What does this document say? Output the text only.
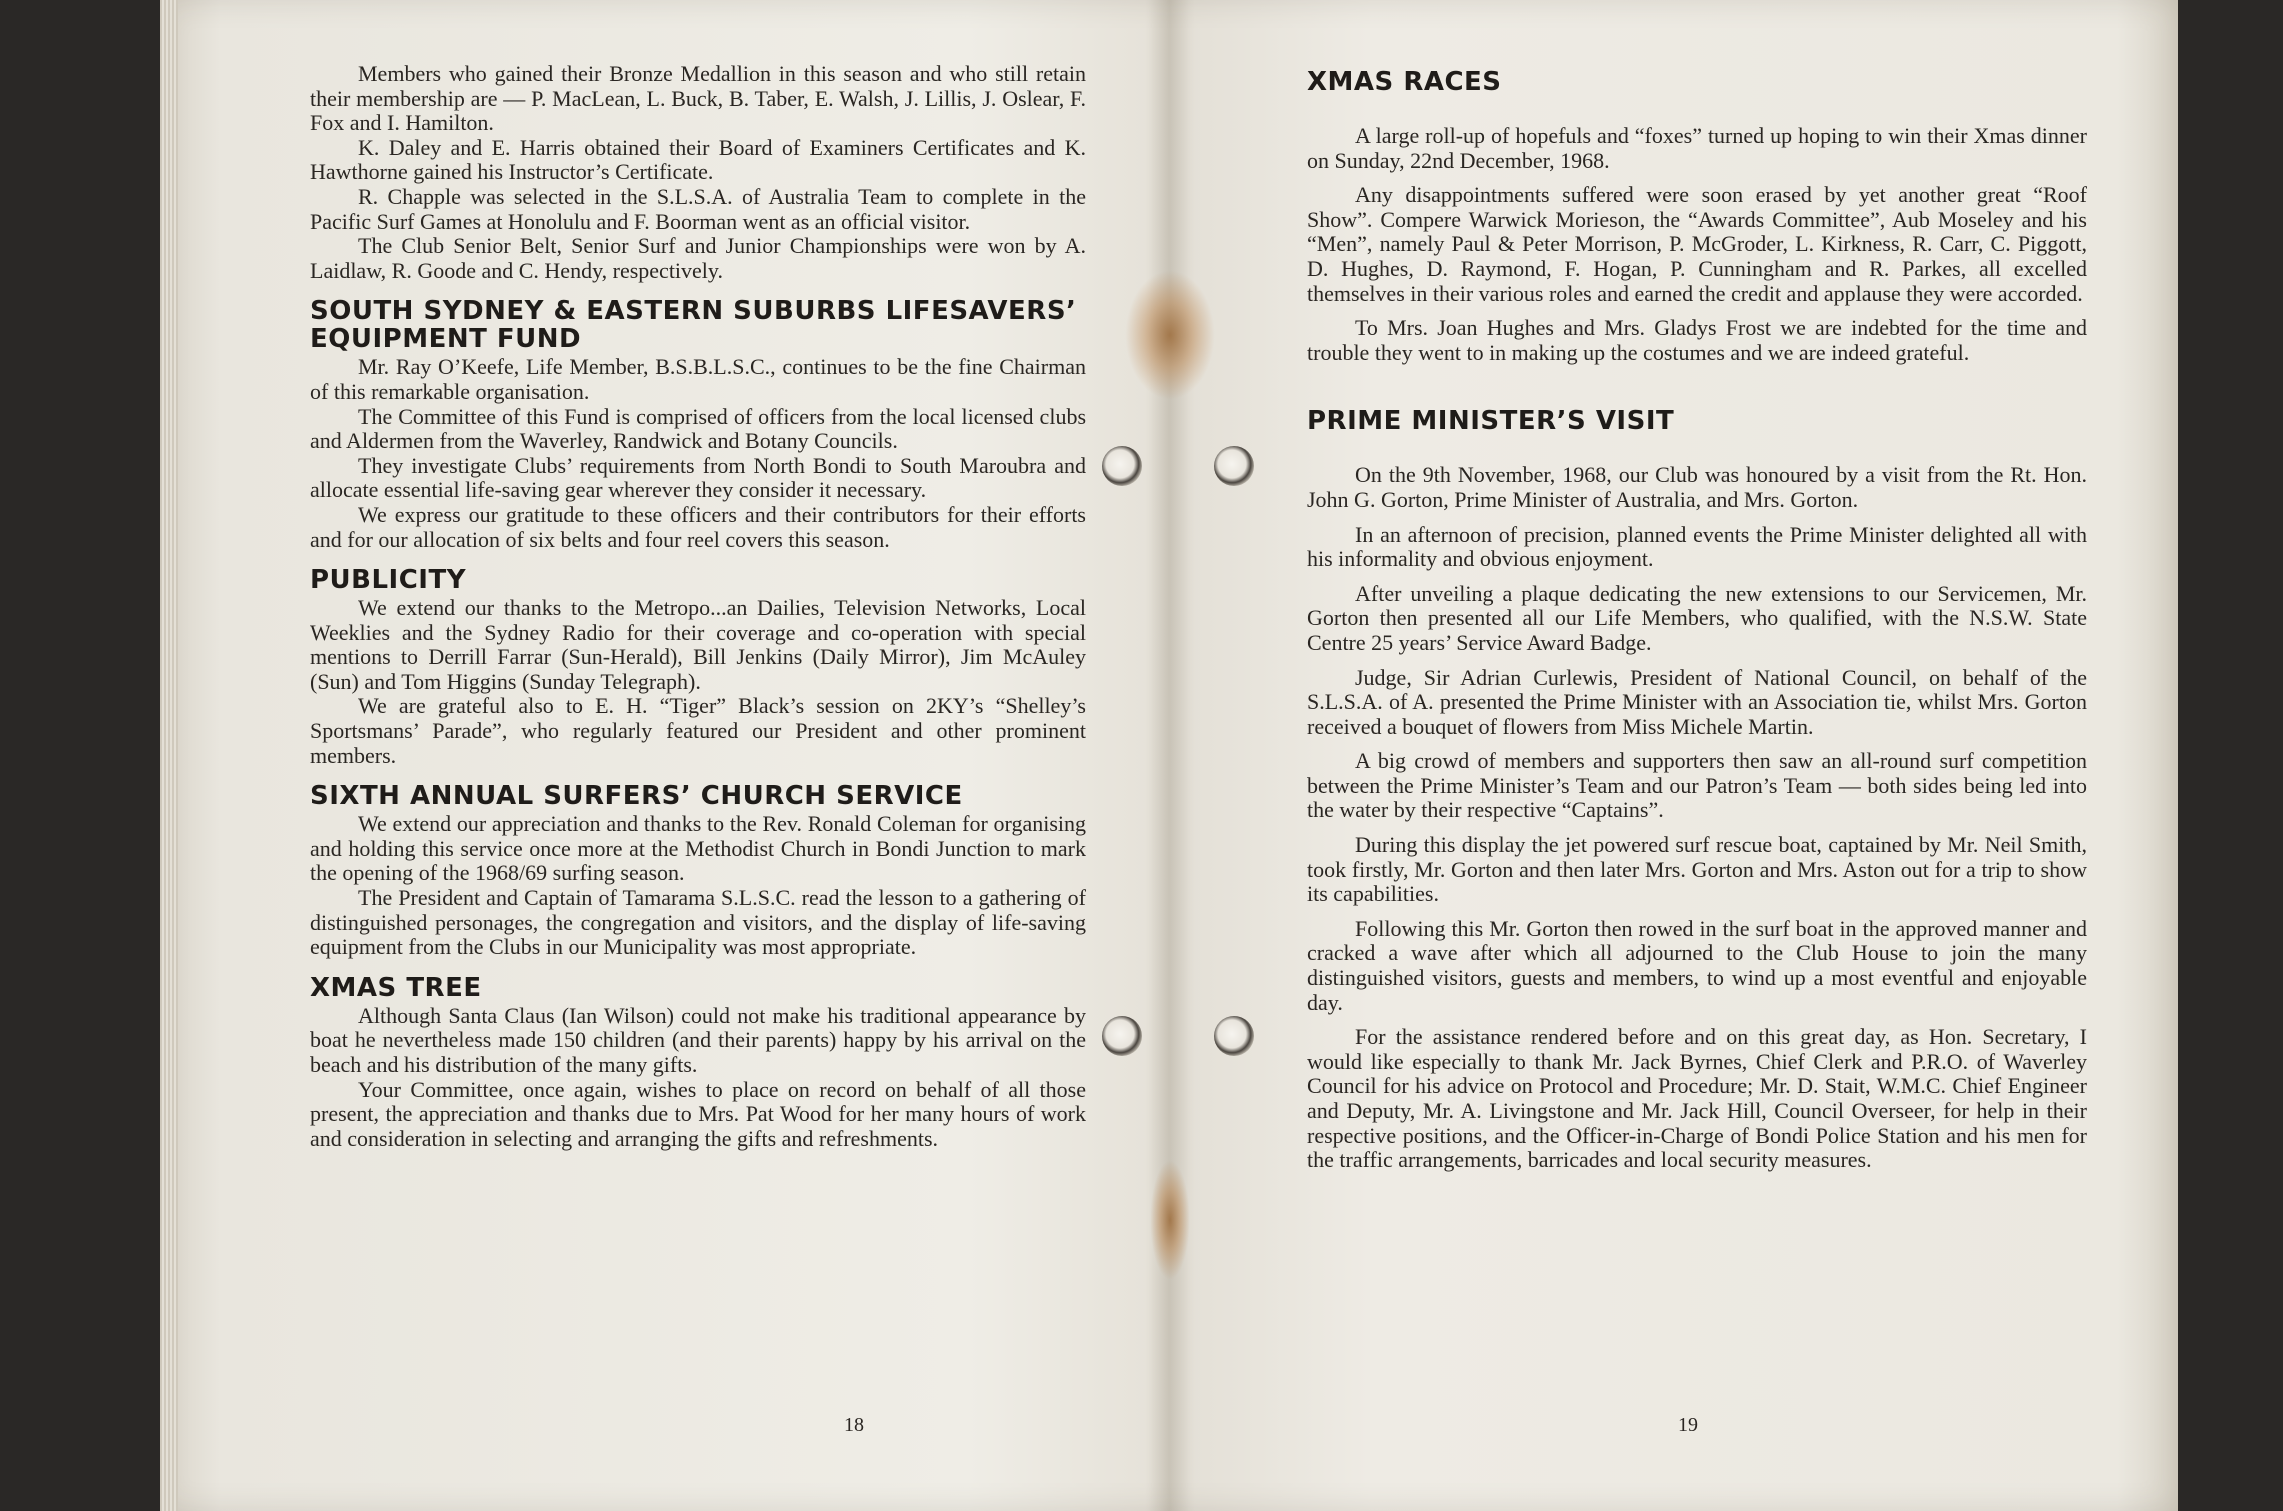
Members who gained their Bronze Medallion in this season and who still retain their membership are — P. MacLean, L. Buck, B. Taber, E. Walsh, J. Lillis, J. Oslear, F. Fox and I. Hamilton.

K. Daley and E. Harris obtained their Board of Examiners Certificates and K. Hawthorne gained his Instructor’s Certificate.

R. Chapple was selected in the S.L.S.A. of Australia Team to complete in the Pacific Surf Games at Honolulu and F. Boorman went as an official visitor.

The Club Senior Belt, Senior Surf and Junior Championships were won by A. Laidlaw, R. Goode and C. Hendy, respectively.

SOUTH SYDNEY & EASTERN SUBURBS LIFESAVERS’ EQUIPMENT FUND

Mr. Ray O’Keefe, Life Member, B.S.B.L.S.C., continues to be the fine Chairman of this remarkable organisation.

The Committee of this Fund is comprised of officers from the local licensed clubs and Aldermen from the Waverley, Randwick and Botany Councils.

They investigate Clubs’ requirements from North Bondi to South Maroubra and allocate essential life-saving gear wherever they consider it necessary.

We express our gratitude to these officers and their contributors for their efforts and for our allocation of six belts and four reel covers this season.

PUBLICITY

We extend our thanks to the Metropo...an Dailies, Television Networks, Local Weeklies and the Sydney Radio for their coverage and co-operation with special mentions to Derrill Farrar (Sun-Herald), Bill Jenkins (Daily Mirror), Jim McAuley (Sun) and Tom Higgins (Sunday Telegraph).

We are grateful also to E. H. “Tiger” Black’s session on 2KY’s “Shelley’s Sportsmans’ Parade”, who regularly featured our President and other prominent members.

SIXTH ANNUAL SURFERS’ CHURCH SERVICE

We extend our appreciation and thanks to the Rev. Ronald Coleman for organising and holding this service once more at the Methodist Church in Bondi Junction to mark the opening of the 1968/69 surfing season.

The President and Captain of Tamarama S.L.S.C. read the lesson to a gathering of distinguished personages, the congregation and visitors, and the display of life-saving equipment from the Clubs in our Municipality was most appropriate.

XMAS TREE

Although Santa Claus (Ian Wilson) could not make his traditional appearance by boat he nevertheless made 150 children (and their parents) happy by his arrival on the beach and his distribution of the many gifts.

Your Committee, once again, wishes to place on record on behalf of all those present, the appreciation and thanks due to Mrs. Pat Wood for her many hours of work and consideration in selecting and arranging the gifts and refreshments.

18
XMAS RACES

A large roll-up of hopefuls and “foxes” turned up hoping to win their Xmas dinner on Sunday, 22nd December, 1968.

Any disappointments suffered were soon erased by yet another great “Roof Show”. Compere Warwick Morieson, the “Awards Committee”, Aub Moseley and his “Men”, namely Paul & Peter Morrison, P. McGroder, L. Kirkness, R. Carr, C. Piggott, D. Hughes, D. Raymond, F. Hogan, P. Cunningham and R. Parkes, all excelled themselves in their various roles and earned the credit and applause they were accorded.

To Mrs. Joan Hughes and Mrs. Gladys Frost we are indebted for the time and trouble they went to in making up the costumes and we are indeed grateful.

PRIME MINISTER’S VISIT

On the 9th November, 1968, our Club was honoured by a visit from the Rt. Hon. John G. Gorton, Prime Minister of Australia, and Mrs. Gorton.

In an afternoon of precision, planned events the Prime Minister delighted all with his informality and obvious enjoyment.

After unveiling a plaque dedicating the new extensions to our Servicemen, Mr. Gorton then presented all our Life Members, who qualified, with the N.S.W. State Centre 25 years’ Service Award Badge.

Judge, Sir Adrian Curlewis, President of National Council, on behalf of the S.L.S.A. of A. presented the Prime Minister with an Association tie, whilst Mrs. Gorton received a bouquet of flowers from Miss Michele Martin.

A big crowd of members and supporters then saw an all-round surf competition between the Prime Minister’s Team and our Patron’s Team — both sides being led into the water by their respective “Captains”.

During this display the jet powered surf rescue boat, captained by Mr. Neil Smith, took firstly, Mr. Gorton and then later Mrs. Gorton and Mrs. Aston out for a trip to show its capabilities.

Following this Mr. Gorton then rowed in the surf boat in the approved manner and cracked a wave after which all adjourned to the Club House to join the many distinguished visitors, guests and members, to wind up a most eventful and enjoyable day.

For the assistance rendered before and on this great day, as Hon. Secretary, I would like especially to thank Mr. Jack Byrnes, Chief Clerk and P.R.O. of Waverley Council for his advice on Protocol and Procedure; Mr. D. Stait, W.M.C. Chief Engineer and Deputy, Mr. A. Livingstone and Mr. Jack Hill, Council Overseer, for help in their respective positions, and the Officer-in-Charge of Bondi Police Station and his men for the traffic arrangements, barricades and local security measures.

19
